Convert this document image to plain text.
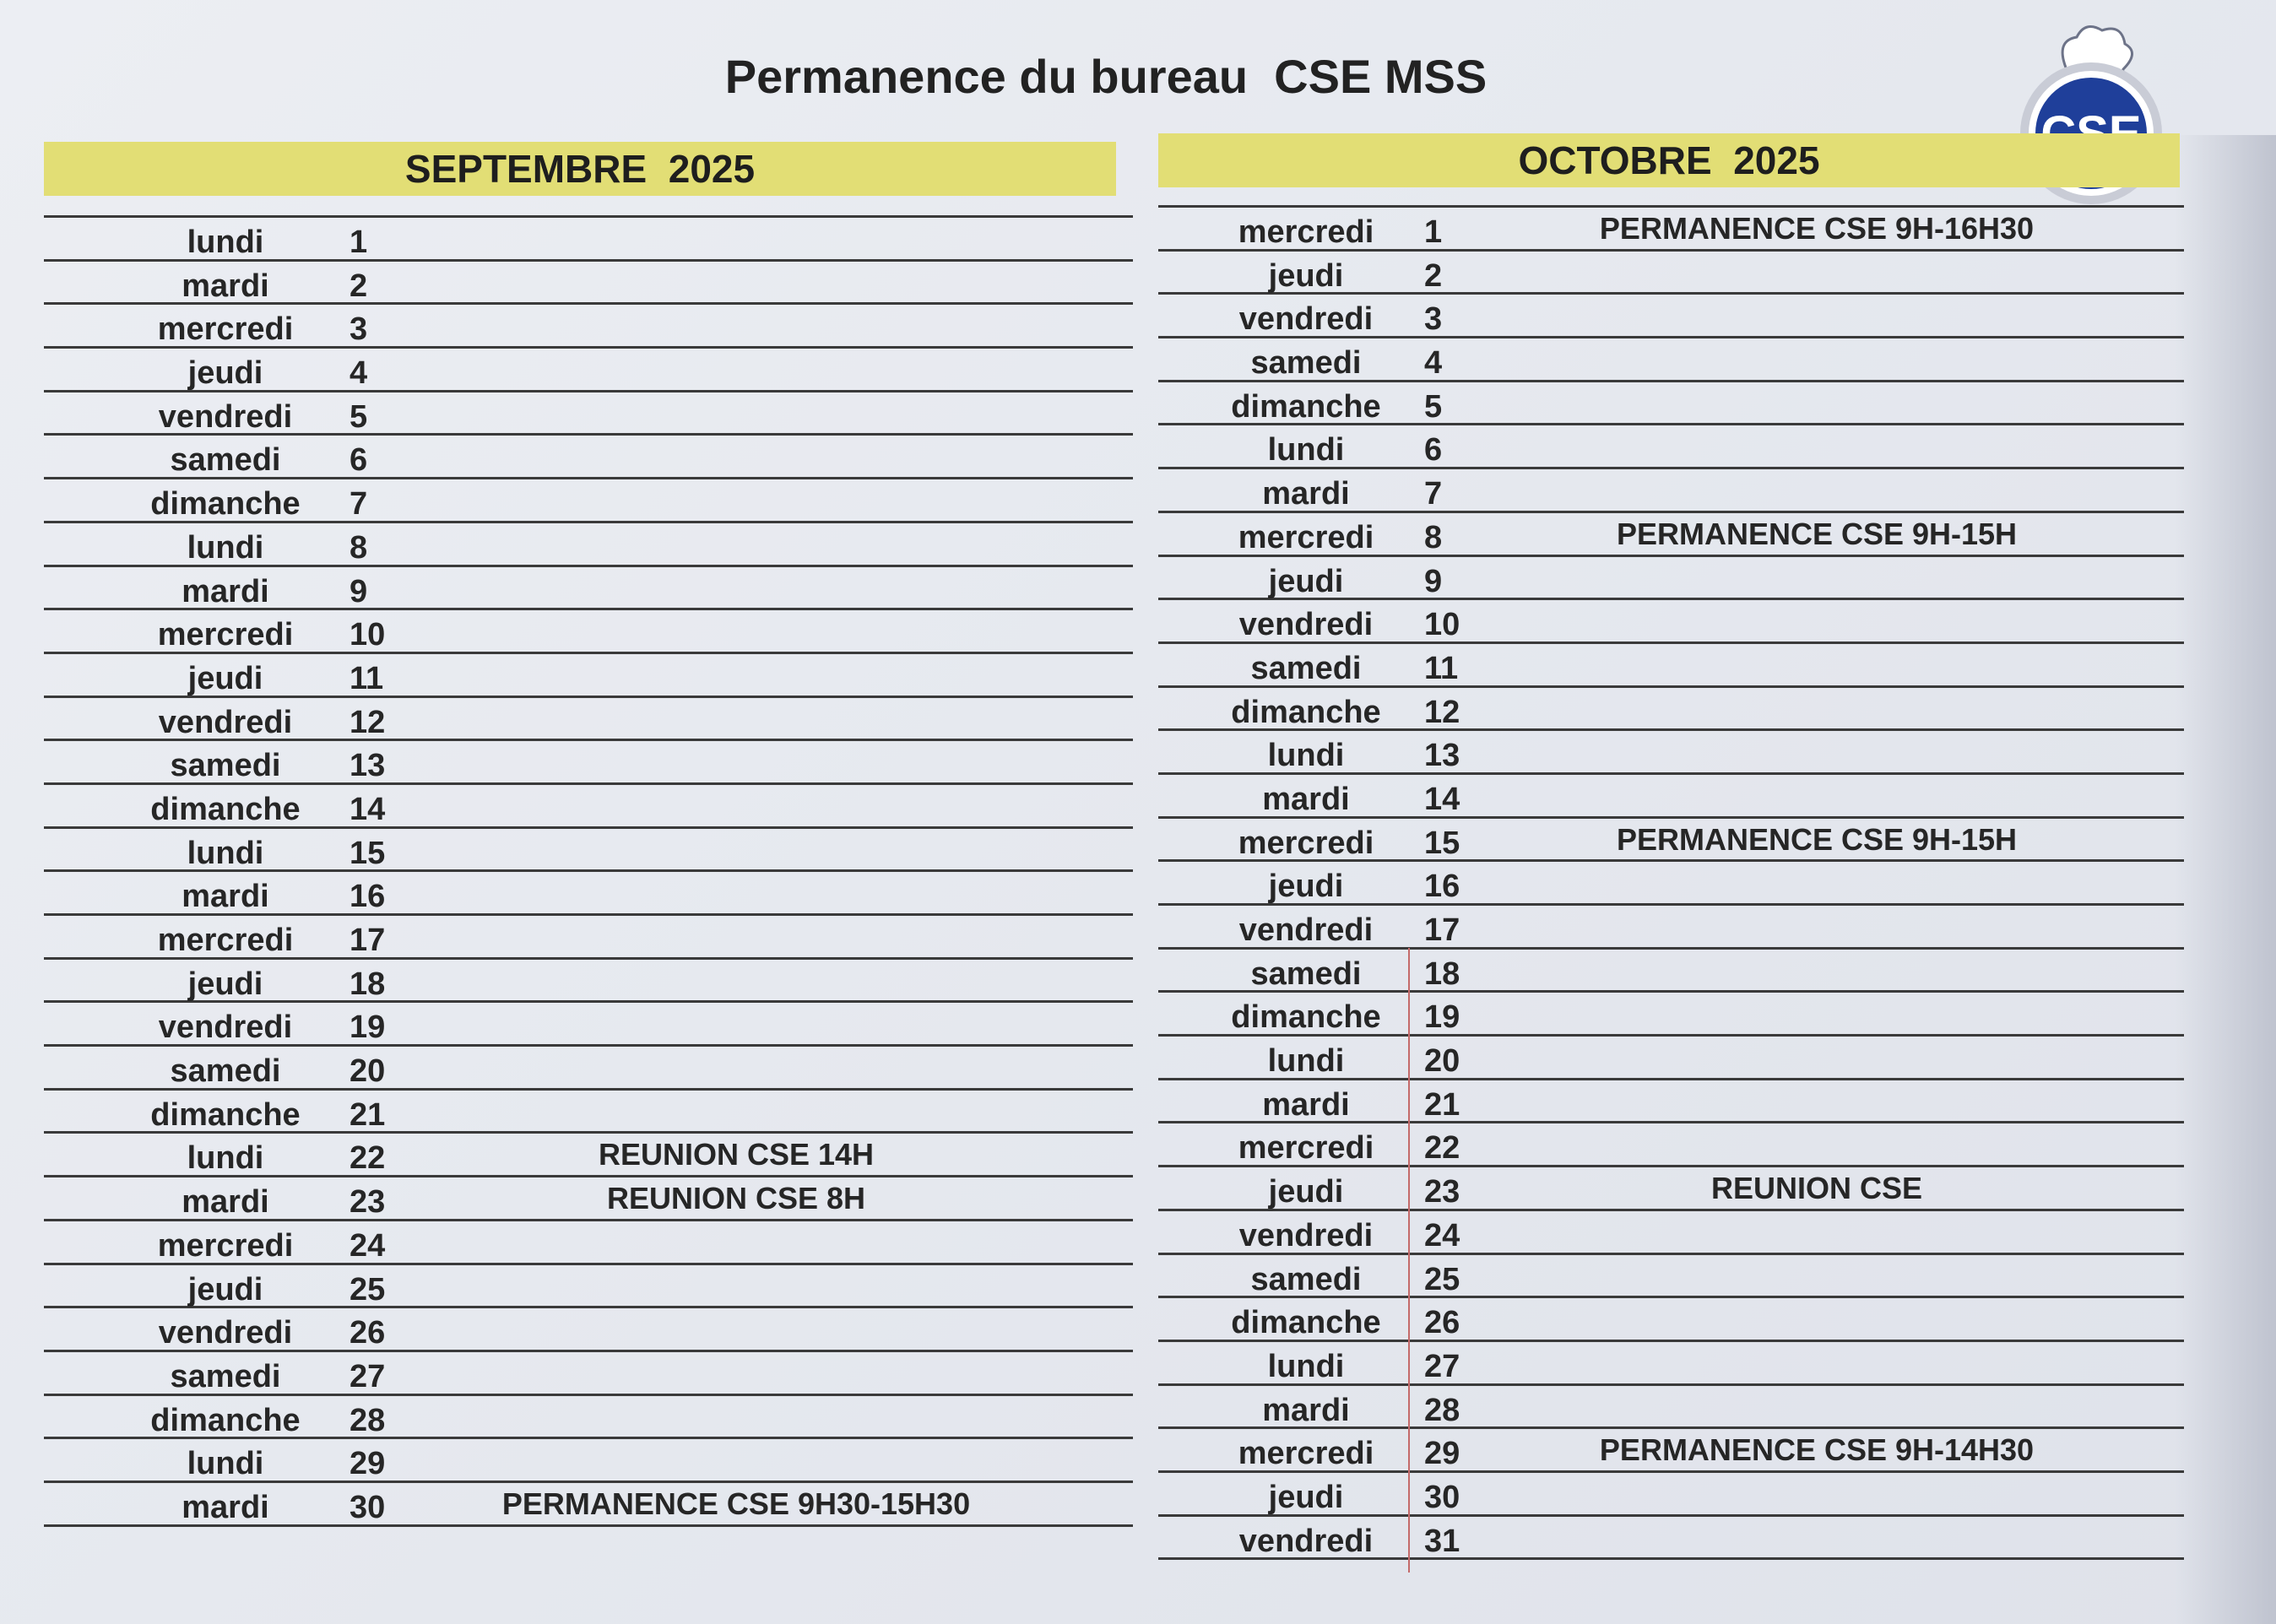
Permanence du bureau  CSE MSS
SEPTEMBRE  2025
lundi	1
mardi	2
mercredi	3
jeudi	4
vendredi	5
samedi	6
dimanche	7
lundi	8
mardi	9
mercredi	10
jeudi	11
vendredi	12
samedi	13
dimanche	14
lundi	15
mardi	16
mercredi	17
jeudi	18
vendredi	19
samedi	20
dimanche	21
lundi	22	REUNION CSE 14H
mardi	23	REUNION CSE 8H
mercredi	24
jeudi	25
vendredi	26
samedi	27
dimanche	28
lundi	29
mardi	30	PERMANENCE CSE 9H30-15H30
OCTOBRE  2025
mercredi	1	PERMANENCE CSE 9H-16H30
jeudi	2
vendredi	3
samedi	4
dimanche	5
lundi	6
mardi	7
mercredi	8	PERMANENCE CSE 9H-15H
jeudi	9
vendredi	10
samedi	11
dimanche	12
lundi	13
mardi	14
mercredi	15	PERMANENCE CSE 9H-15H
jeudi	16
vendredi	17
samedi	18
dimanche	19
lundi	20
mardi	21
mercredi	22
jeudi	23	REUNION CSE
vendredi	24
samedi	25
dimanche	26
lundi	27
mardi	28
mercredi	29	PERMANENCE CSE 9H-14H30
jeudi	30
vendredi	31
